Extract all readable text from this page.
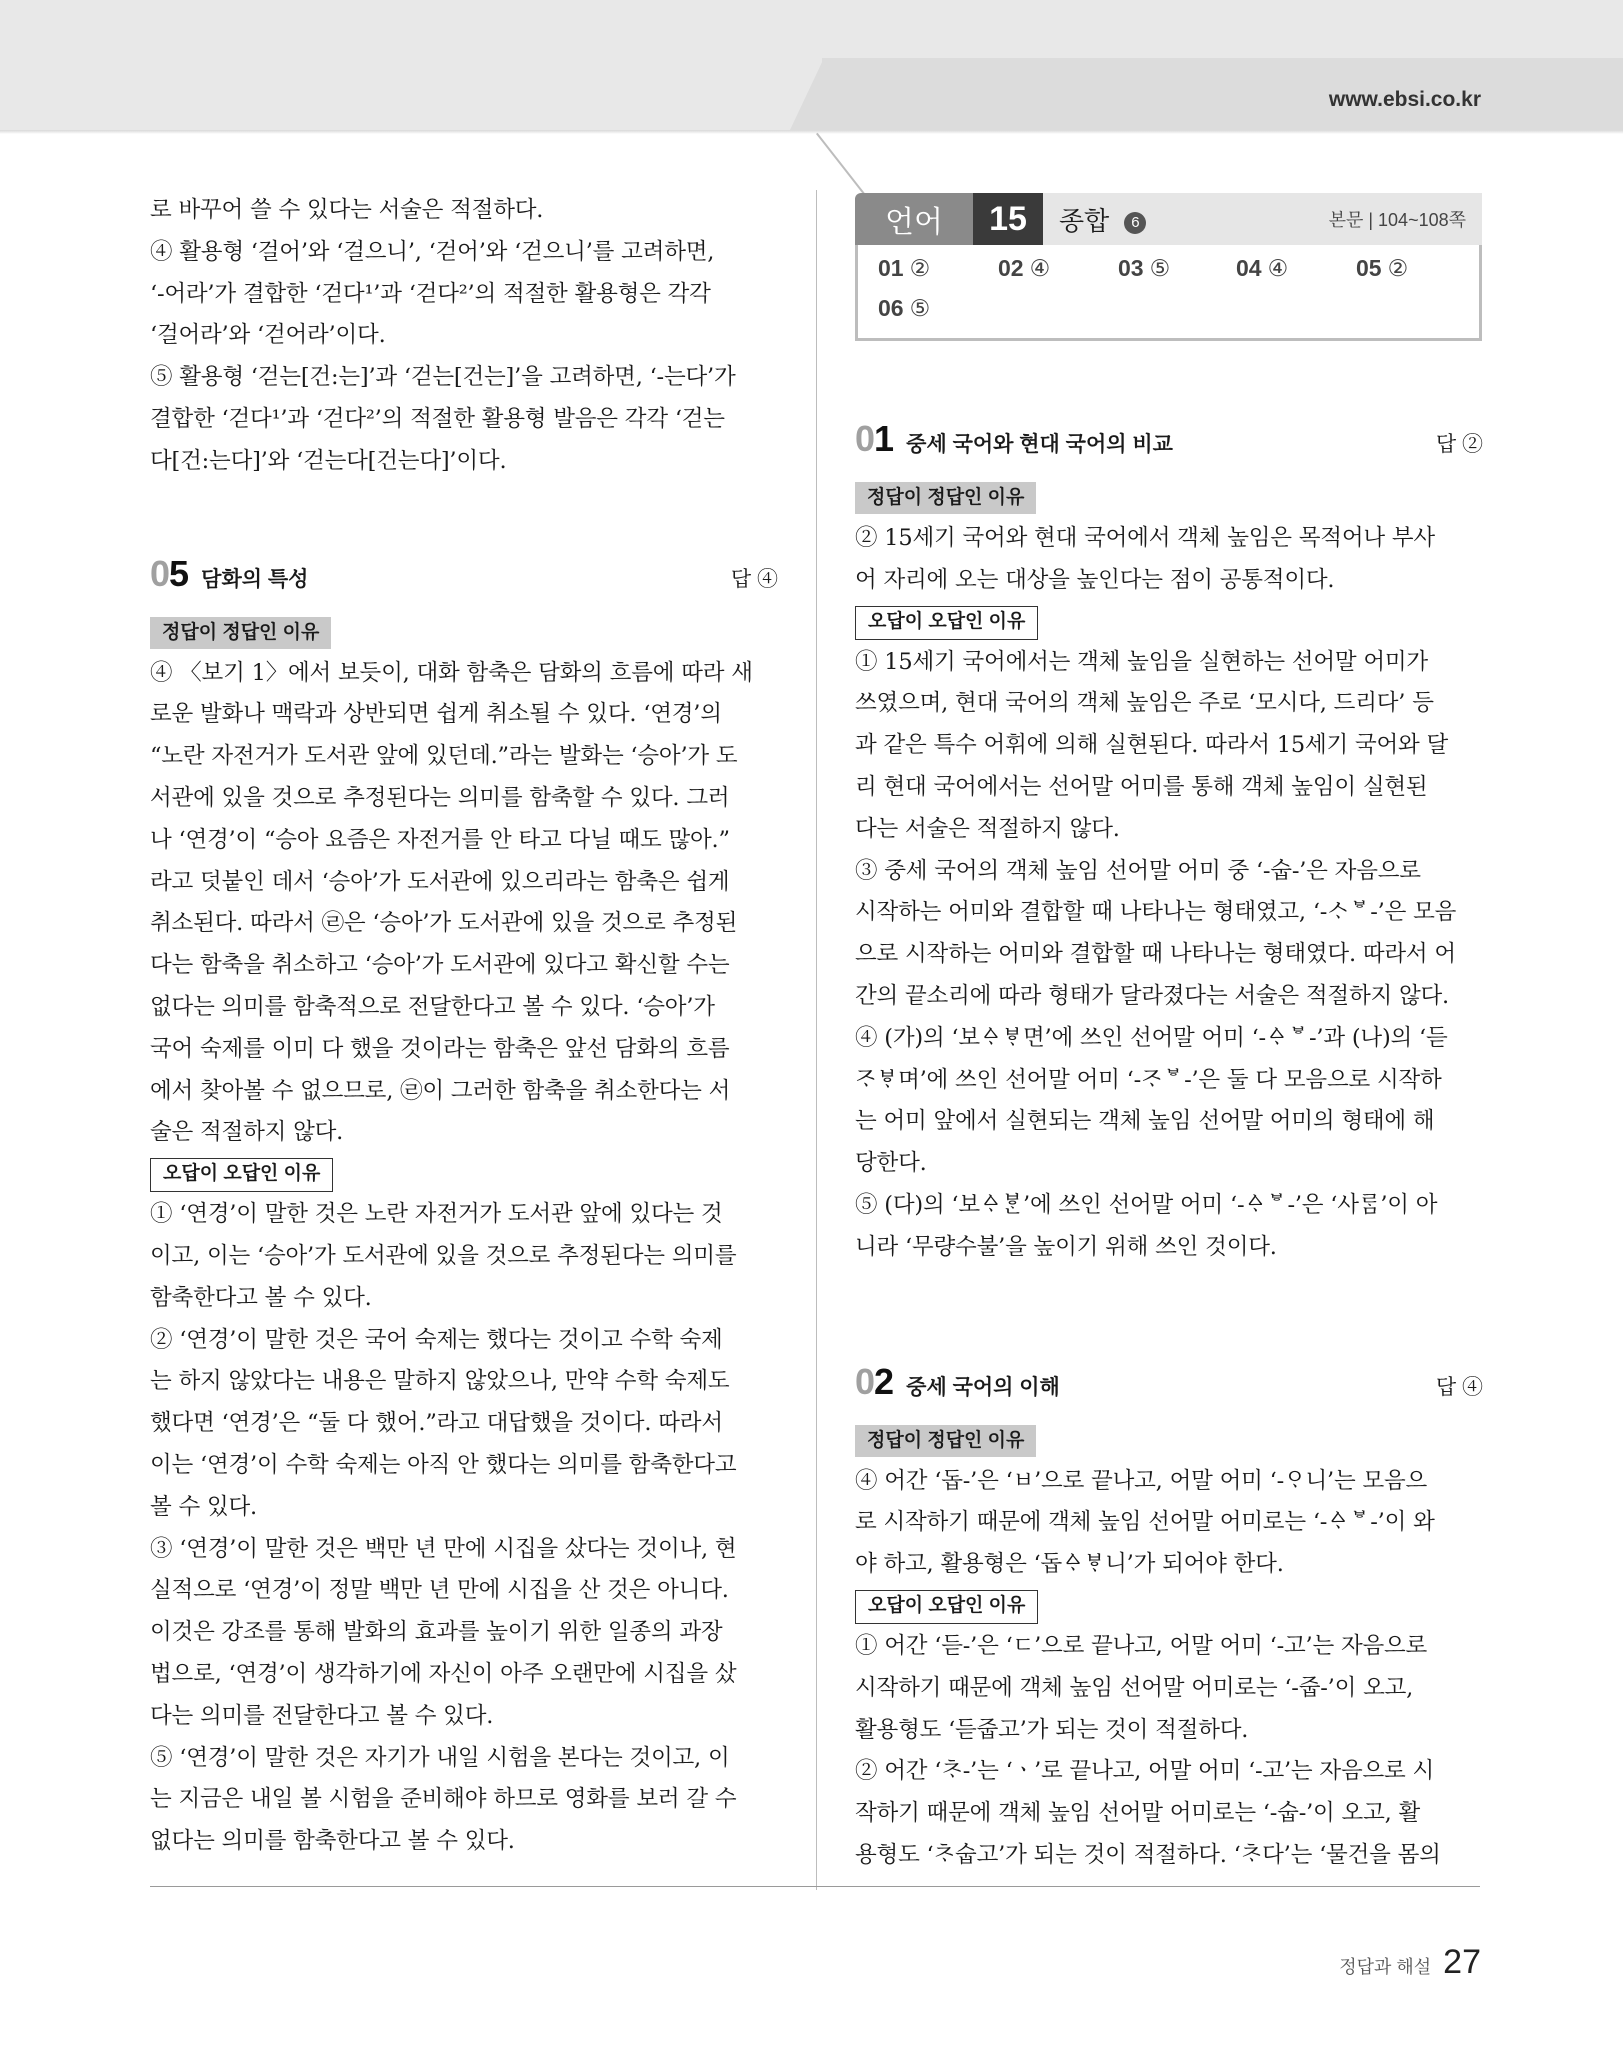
www.ebsi.co.kr

로 바꾸어 쓸 수 있다는 서술은 적절하다.

④ 활용형 ‘걸어’와 ‘걸으니’, ‘걷어’와 ‘걷으니’를 고려하면,

‘-어라’가 결합한 ‘걷다¹’과 ‘걷다²’의 적절한 활용형은 각각

‘걸어라’와 ‘걷어라’이다.

⑤ 활용형 ‘걷는[건:는]’과 ‘걷는[건는]’을 고려하면, ‘-는다’가

결합한 ‘걷다¹’과 ‘걷다²’의 적절한 활용형 발음은 각각 ‘걷는

다[건:는다]’와 ‘걷는다[건는다]’이다.

05 담화의 특성	답 ④
정답이 정답인 이유

④ 〈보기 1〉에서 보듯이, 대화 함축은 담화의 흐름에 따라 새

로운 발화나 맥락과 상반되면 쉽게 취소될 수 있다. ‘연경’의

“노란 자전거가 도서관 앞에 있던데.”라는 발화는 ‘승아’가 도

서관에 있을 것으로 추정된다는 의미를 함축할 수 있다. 그러

나 ‘연경’이 “승아 요즘은 자전거를 안 타고 다닐 때도 많아.”

라고 덧붙인 데서 ‘승아’가 도서관에 있으리라는 함축은 쉽게

취소된다. 따라서 ㉣은 ‘승아’가 도서관에 있을 것으로 추정된

다는 함축을 취소하고 ‘승아’가 도서관에 있다고 확신할 수는

없다는 의미를 함축적으로 전달한다고 볼 수 있다. ‘승아’가

국어 숙제를 이미 다 했을 것이라는 함축은 앞선 담화의 흐름

에서 찾아볼 수 없으므로, ㉣이 그러한 함축을 취소한다는 서

술은 적절하지 않다.

오답이 오답인 이유

① ‘연경’이 말한 것은 노란 자전거가 도서관 앞에 있다는 것

이고, 이는 ‘승아’가 도서관에 있을 것으로 추정된다는 의미를

함축한다고 볼 수 있다.

② ‘연경’이 말한 것은 국어 숙제는 했다는 것이고 수학 숙제

는 하지 않았다는 내용은 말하지 않았으나, 만약 수학 숙제도

했다면 ‘연경’은 “둘 다 했어.”라고 대답했을 것이다. 따라서

이는 ‘연경’이 수학 숙제는 아직 안 했다는 의미를 함축한다고

볼 수 있다.

③ ‘연경’이 말한 것은 백만 년 만에 시집을 샀다는 것이나, 현

실적으로 ‘연경’이 정말 백만 년 만에 시집을 산 것은 아니다.

이것은 강조를 통해 발화의 효과를 높이기 위한 일종의 과장

법으로, ‘연경’이 생각하기에 자신이 아주 오랜만에 시집을 샀

다는 의미를 전달한다고 볼 수 있다.

⑤ ‘연경’이 말한 것은 자기가 내일 시험을 본다는 것이고, 이

는 지금은 내일 볼 시험을 준비해야 하므로 영화를 보러 갈 수

없다는 의미를 함축한다고 볼 수 있다.

언어	15	종합 6	본문 | 104~108쪽
01 ②	02 ④	03 ⑤	04 ④	05 ②
06 ⑤
01 중세 국어와 현대 국어의 비교	답 ②
정답이 정답인 이유

② 15세기 국어와 현대 국어에서 객체 높임은 목적어나 부사

어 자리에 오는 대상을 높인다는 점이 공통적이다.

오답이 오답인 이유

① 15세기 국어에서는 객체 높임을 실현하는 선어말 어미가

쓰였으며, 현대 국어의 객체 높임은 주로 ‘모시다, 드리다’ 등

과 같은 특수 어휘에 의해 실현된다. 따라서 15세기 국어와 달

리 현대 국어에서는 선어말 어미를 통해 객체 높임이 실현된

다는 서술은 적절하지 않다.

③ 중세 국어의 객체 높임 선어말 어미 중 ‘-숩-’은 자음으로

시작하는 어미와 결합할 때 나타나는 형태였고, ‘-ᄉᆞᄫ-’은 모음

으로 시작하는 어미와 결합할 때 나타나는 형태였다. 따라서 어

간의 끝소리에 따라 형태가 달라졌다는 서술은 적절하지 않다.

④ (가)의 ‘보ᅀᆞᄫᆞ면’에 쓰인 선어말 어미 ‘-ᅀᆞᄫ-’과 (나)의 ‘듣

ᄌᆞᄫᆞ며’에 쓰인 선어말 어미 ‘-ᄌᆞᄫ-’은 둘 다 모음으로 시작하

는 어미 앞에서 실현되는 객체 높임 선어말 어미의 형태에 해

당한다.

⑤ (다)의 ‘보ᅀᆞᄫᆞᆫ’에 쓰인 선어말 어미 ‘-ᅀᆞᄫ-’은 ‘사ᄅᆞᆷ’이 아

니라 ‘무량수불’을 높이기 위해 쓰인 것이다.

02 중세 국어의 이해	답 ④
정답이 정답인 이유

④ 어간 ‘돕-’은 ‘ㅂ’으로 끝나고, 어말 어미 ‘-ᄋᆞ니’는 모음으

로 시작하기 때문에 객체 높임 선어말 어미로는 ‘-ᅀᆞᄫ-’이 와

야 하고, 활용형은 ‘돕ᅀᆞᄫᆞ니’가 되어야 한다.

오답이 오답인 이유

① 어간 ‘듣-’은 ‘ㄷ’으로 끝나고, 어말 어미 ‘-고’는 자음으로

시작하기 때문에 객체 높임 선어말 어미로는 ‘-줍-’이 오고,

활용형도 ‘듣줍고’가 되는 것이 적절하다.

② 어간 ‘ᄎᆞ-’는 ‘ㆍ’로 끝나고, 어말 어미 ‘-고’는 자음으로 시

작하기 때문에 객체 높임 선어말 어미로는 ‘-숩-’이 오고, 활

용형도 ‘ᄎᆞ숩고’가 되는 것이 적절하다. ‘ᄎᆞ다’는 ‘물건을 몸의

정답과 해설 27
